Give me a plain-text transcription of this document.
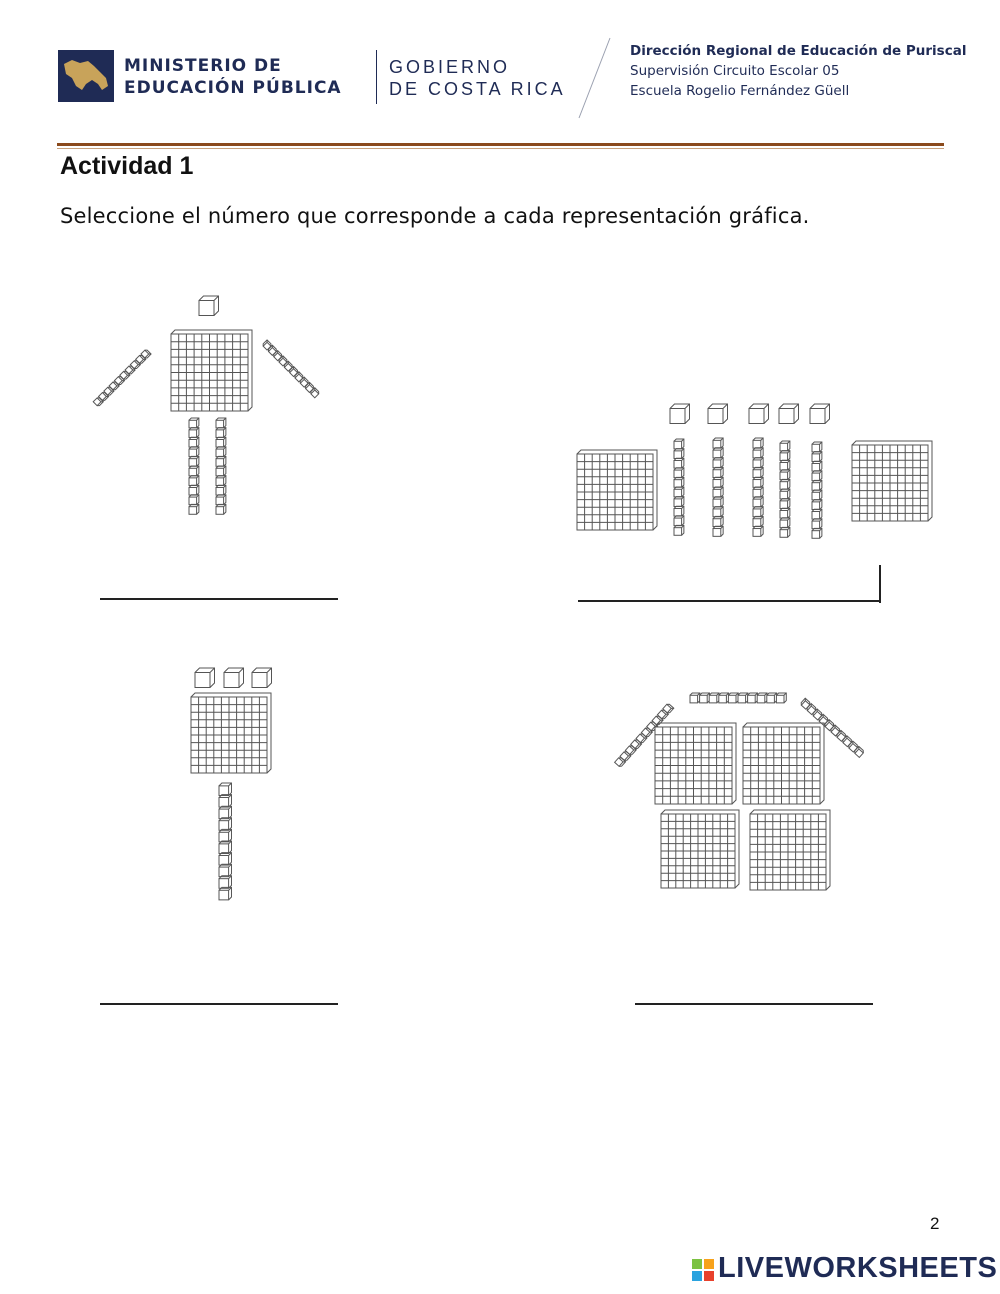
MINISTERIO DE
EDUCACIÓN PÚBLICA
GOBIERNO
DE COSTA RICA
Dirección Regional de Educación de Puriscal
Supervisión Circuito Escolar 05
Escuela Rogelio Fernández Güell
Actividad 1
Seleccione el número que corresponde a cada representación gráfica.
2
LIVEWORKSHEETS
